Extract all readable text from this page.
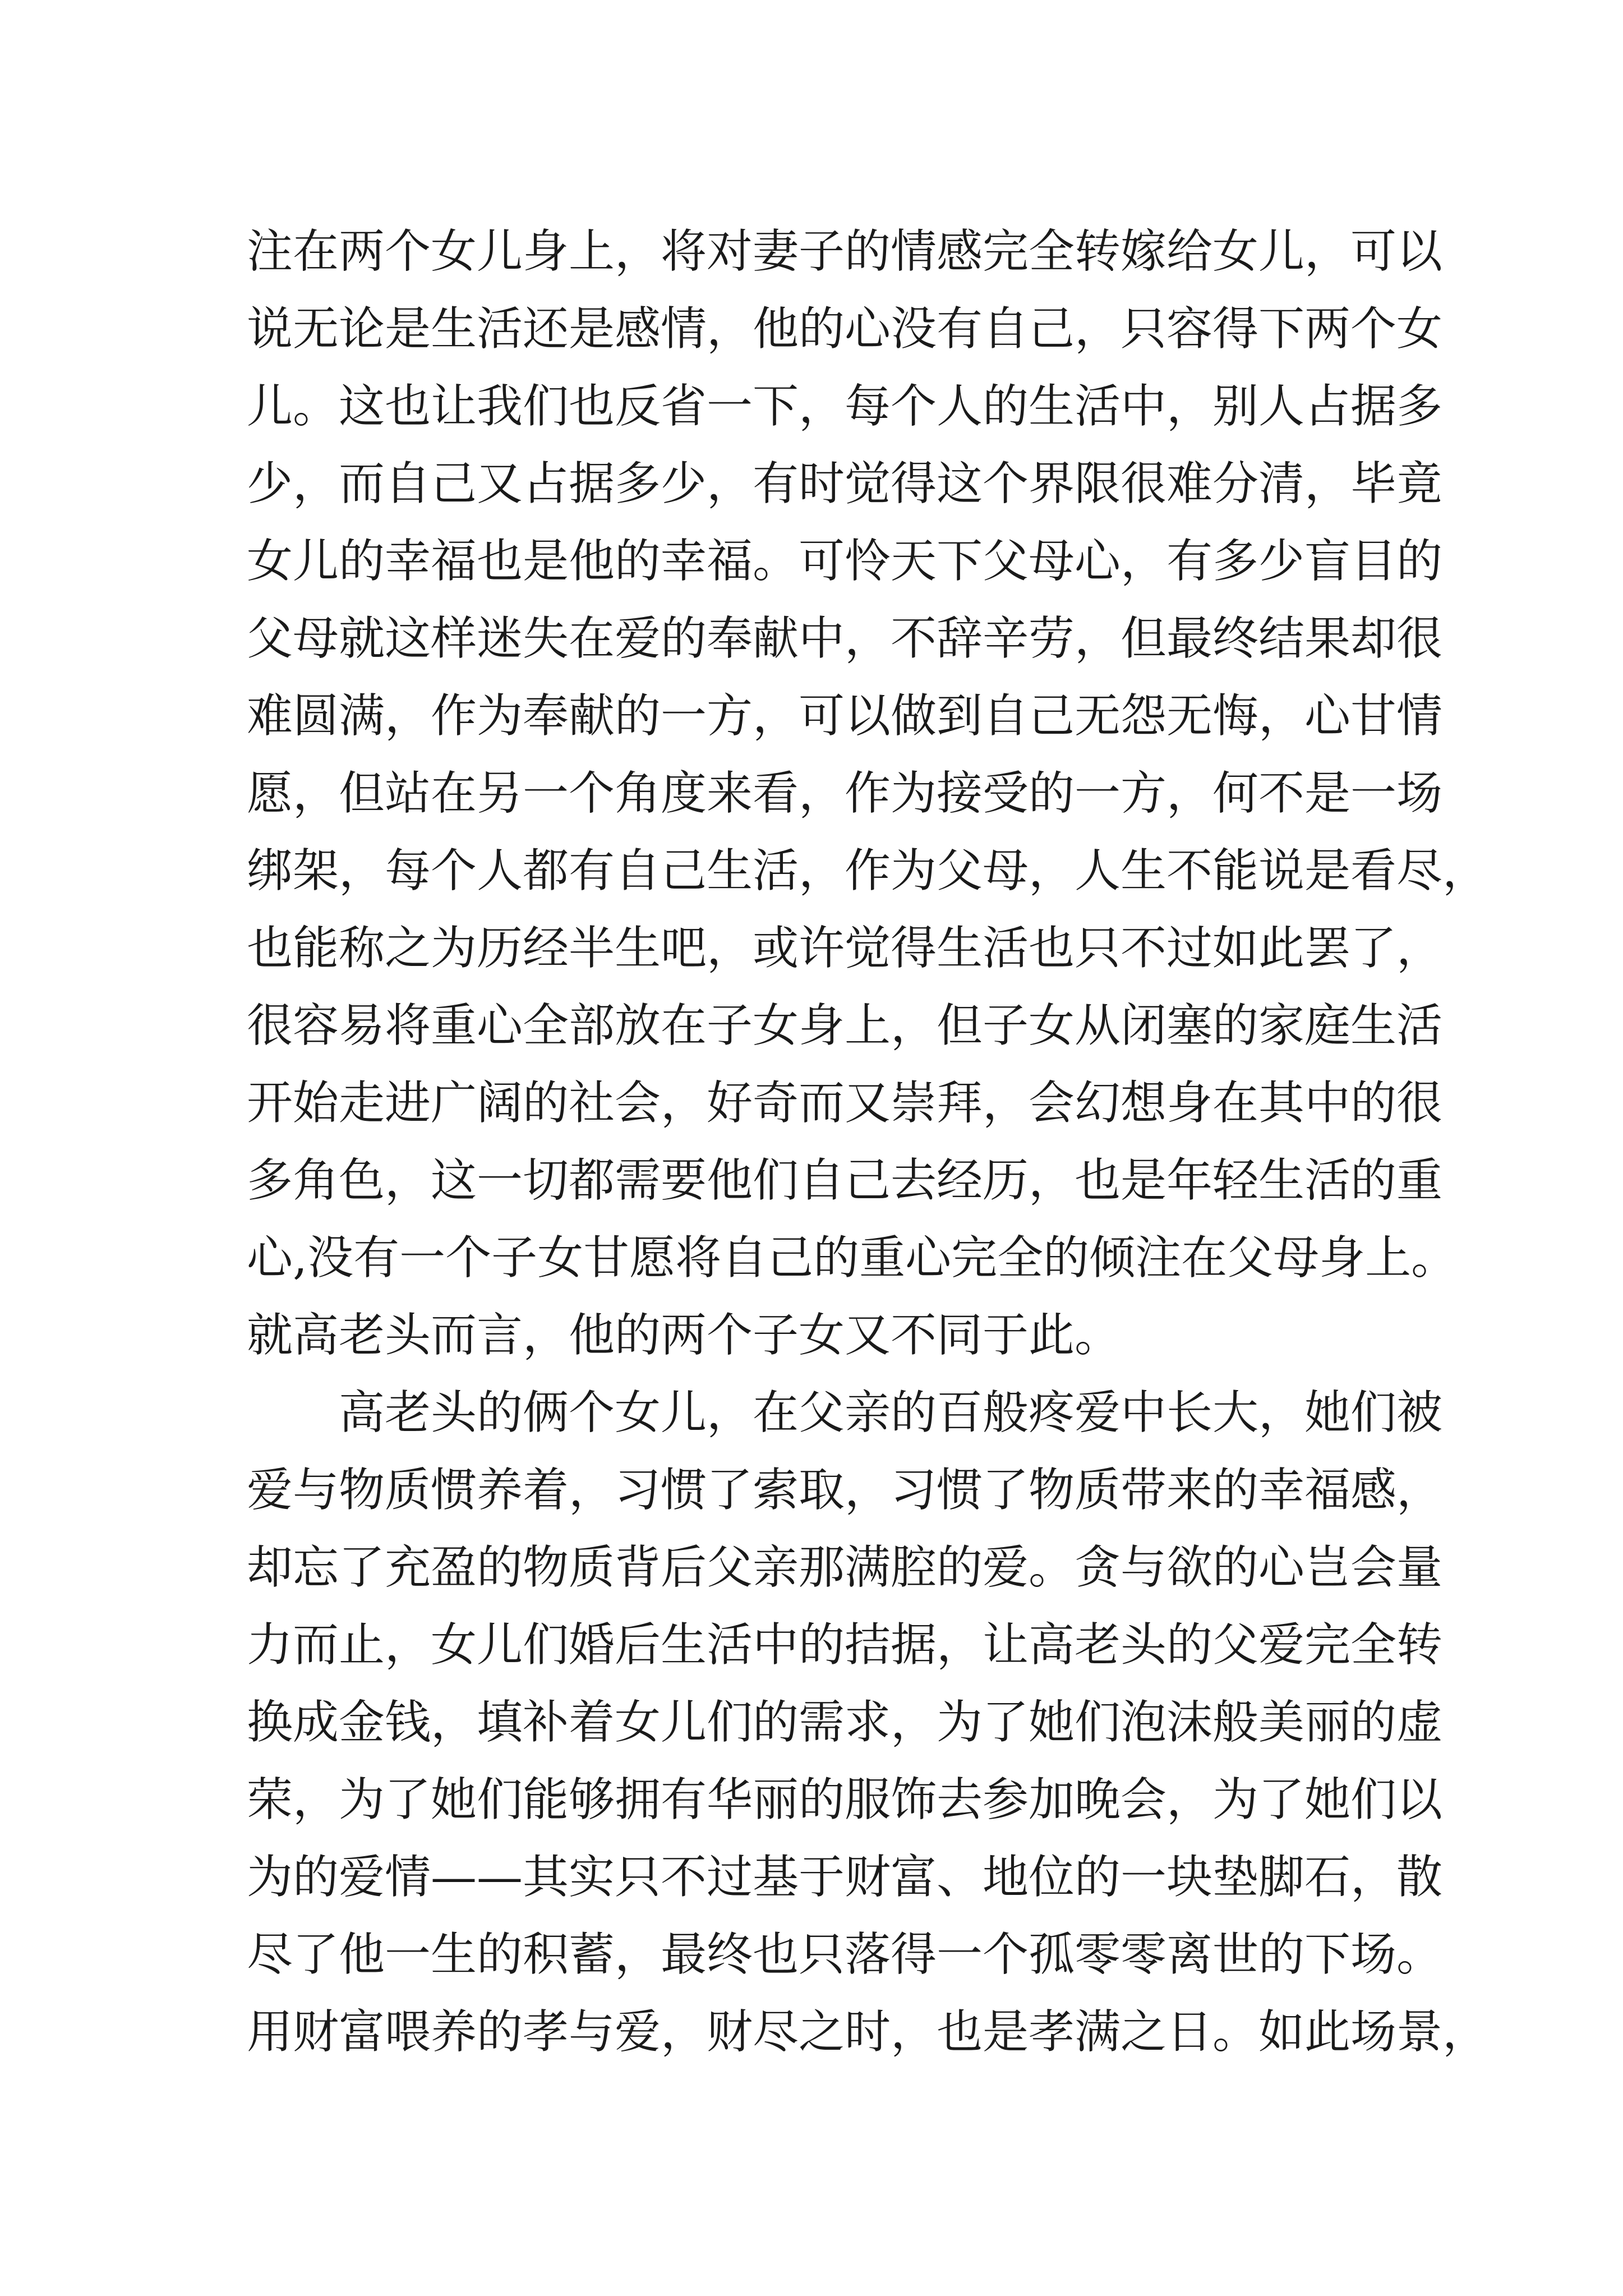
注在两个女儿身上，将对妻子的情感完全转嫁给女儿，可以
说无论是生活还是感情，他的心没有自己，只容得下两个女
儿。这也让我们也反省一下，每个人的生活中，别人占据多
少，而自己又占据多少，有时觉得这个界限很难分清，毕竟
女儿的幸福也是他的幸福。可怜天下父母心，有多少盲目的
父母就这样迷失在爱的奉献中，不辞辛劳，但最终结果却很
难圆满，作为奉献的一方，可以做到自己无怨无悔，心甘情
愿，但站在另一个角度来看，作为接受的一方，何不是一场
绑架，每个人都有自己生活，作为父母，人生不能说是看尽，
也能称之为历经半生吧，或许觉得生活也只不过如此罢了，
很容易将重心全部放在子女身上，但子女从闭塞的家庭生活
开始走进广阔的社会，好奇而又崇拜，会幻想身在其中的很
多角色，这一切都需要他们自己去经历，也是年轻生活的重
心,没有一个子女甘愿将自己的重心完全的倾注在父母身上。
就高老头而言，他的两个子女又不同于此。
高老头的俩个女儿，在父亲的百般疼爱中长大，她们被
爱与物质惯养着，习惯了索取，习惯了物质带来的幸福感，
却忘了充盈的物质背后父亲那满腔的爱。贪与欲的心岂会量
力而止，女儿们婚后生活中的拮据，让高老头的父爱完全转
换成金钱，填补着女儿们的需求，为了她们泡沫般美丽的虚
荣，为了她们能够拥有华丽的服饰去参加晚会，为了她们以
为的爱情——其实只不过基于财富、地位的一块垫脚石，散
尽了他一生的积蓄，最终也只落得一个孤零零离世的下场。
用财富喂养的孝与爱，财尽之时，也是孝满之日。如此场景，
